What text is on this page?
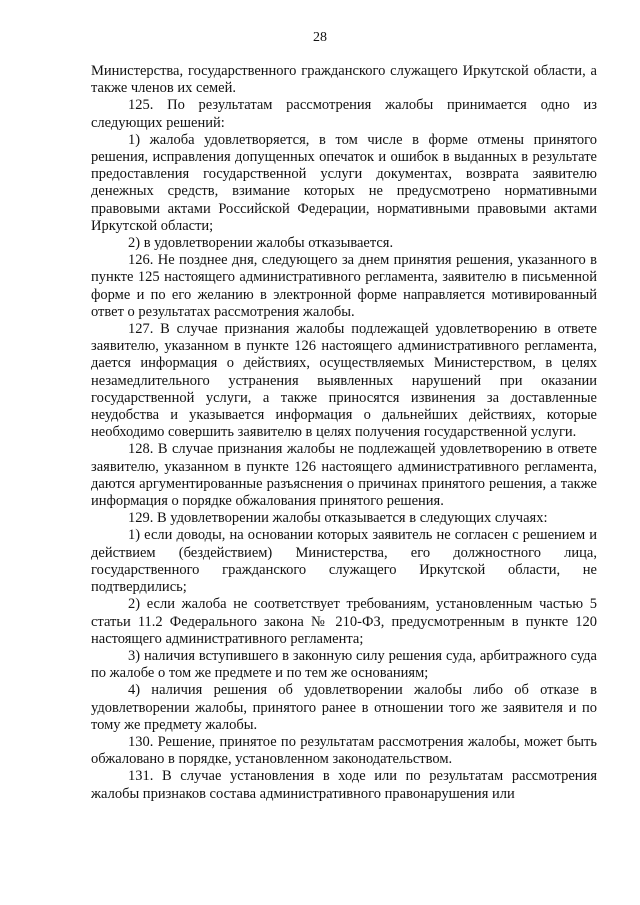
28

Министерства, государственного гражданского служащего Иркутской области, а также членов их семей.

125. По результатам рассмотрения жалобы принимается одно из следующих решений:

1) жалоба удовлетворяется, в том числе в форме отмены принятого решения, исправления допущенных опечаток и ошибок в выданных в результате предоставления государственной услуги документах, возврата заявителю денежных средств, взимание которых не предусмотрено нормативными правовыми актами Российской Федерации, нормативными правовыми актами Иркутской области;

2) в удовлетворении жалобы отказывается.

126. Не позднее дня, следующего за днем принятия решения, указанного в пункте 125 настоящего административного регламента, заявителю в письменной форме и по его желанию в электронной форме направляется мотивированный ответ о результатах рассмотрения жалобы.

127. В случае признания жалобы подлежащей удовлетворению в ответе заявителю, указанном в пункте 126 настоящего административного регламента, дается информация о действиях, осуществляемых Министерством, в целях незамедлительного устранения выявленных нарушений при оказании государственной услуги, а также приносятся извинения за доставленные неудобства и указывается информация о дальнейших действиях, которые необходимо совершить заявителю в целях получения государственной услуги.

128. В случае признания жалобы не подлежащей удовлетворению в ответе заявителю, указанном в пункте 126 настоящего административного регламента, даются аргументированные разъяснения о причинах принятого решения, а также информация о порядке обжалования принятого решения.

129. В удовлетворении жалобы отказывается в следующих случаях:

1) если доводы, на основании которых заявитель не согласен с решением и действием (бездействием) Министерства, его должностного лица, государственного гражданского служащего Иркутской области, не подтвердились;

2) если жалоба не соответствует требованиям, установленным частью 5 статьи 11.2 Федерального закона № 210-ФЗ, предусмотренным в пункте 120 настоящего административного регламента;

3) наличия вступившего в законную силу решения суда, арбитражного суда по жалобе о том же предмете и по тем же основаниям;

4) наличия решения об удовлетворении жалобы либо об отказе в удовлетворении жалобы, принятого ранее в отношении того же заявителя и по тому же предмету жалобы.

130. Решение, принятое по результатам рассмотрения жалобы, может быть обжаловано в порядке, установленном законодательством.

131. В случае установления в ходе или по результатам рассмотрения жалобы признаков состава административного правонарушения или
